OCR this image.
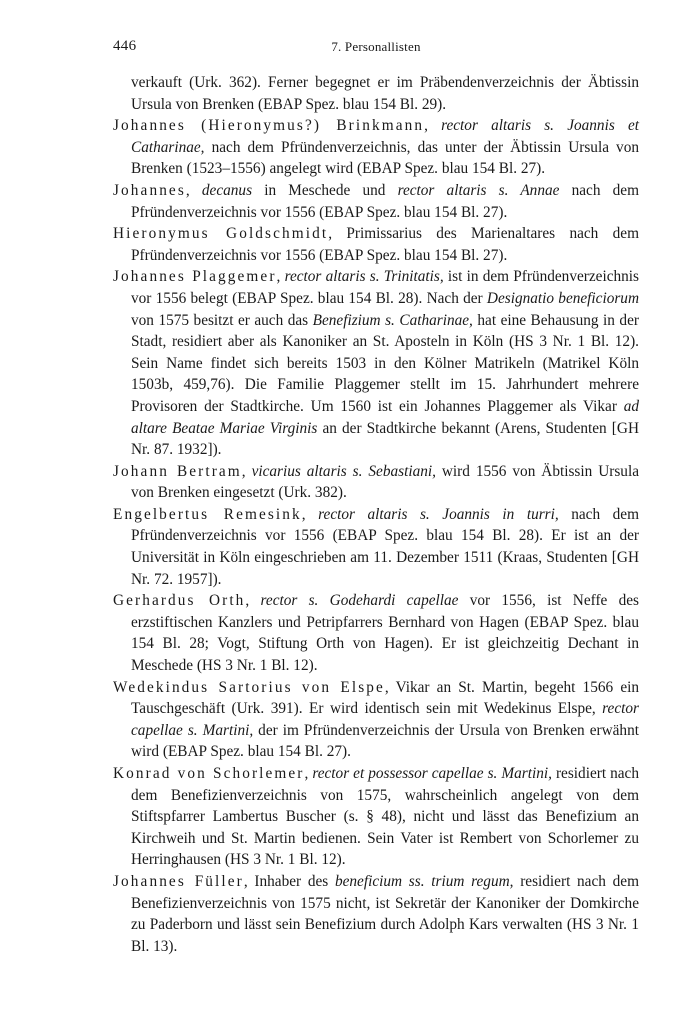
446	7. Personallisten

verkauft (Urk. 362). Ferner begegnet er im Präbendenverzeichnis der Äbtissin Ursula von Brenken (EBAP Spez. blau 154 Bl. 29).

Johannes (Hieronymus?) Brinkmann, rector altaris s. Joannis et Catharinae, nach dem Pfründenverzeichnis, das unter der Äbtissin Ursula von Brenken (1523–1556) angelegt wird (EBAP Spez. blau 154 Bl. 27).

Johannes, decanus in Meschede und rector altaris s. Annae nach dem Pfründenverzeichnis vor 1556 (EBAP Spez. blau 154 Bl. 27).

Hieronymus Goldschmidt, Primissarius des Marienaltares nach dem Pfründenverzeichnis vor 1556 (EBAP Spez. blau 154 Bl. 27).

Johannes Plaggemer, rector altaris s. Trinitatis, ist in dem Pfründenverzeichnis vor 1556 belegt (EBAP Spez. blau 154 Bl. 28). Nach der Designatio beneficiorum von 1575 besitzt er auch das Benefizium s. Catharinae, hat eine Behausung in der Stadt, residiert aber als Kanoniker an St. Aposteln in Köln (HS 3 Nr. 1 Bl. 12). Sein Name findet sich bereits 1503 in den Kölner Matrikeln (Matrikel Köln 1503b, 459,76). Die Familie Plaggemer stellt im 15. Jahrhundert mehrere Provisoren der Stadtkirche. Um 1560 ist ein Johannes Plaggemer als Vikar ad altare Beatae Mariae Virginis an der Stadtkirche bekannt (Arens, Studenten [GH Nr. 87. 1932]).

Johann Bertram, vicarius altaris s. Sebastiani, wird 1556 von Äbtissin Ursula von Brenken eingesetzt (Urk. 382).

Engelbertus Remesink, rector altaris s. Joannis in turri, nach dem Pfründenverzeichnis vor 1556 (EBAP Spez. blau 154 Bl. 28). Er ist an der Universität in Köln eingeschrieben am 11. Dezember 1511 (Kraas, Studenten [GH Nr. 72. 1957]).

Gerhardus Orth, rector s. Godehardi capellae vor 1556, ist Neffe des erzstiftischen Kanzlers und Petripfarrers Bernhard von Hagen (EBAP Spez. blau 154 Bl. 28; Vogt, Stiftung Orth von Hagen). Er ist gleichzeitig Dechant in Meschede (HS 3 Nr. 1 Bl. 12).

Wedekindus Sartorius von Elspe, Vikar an St. Martin, begeht 1566 ein Tauschgeschäft (Urk. 391). Er wird identisch sein mit Wedekinus Elspe, rector capellae s. Martini, der im Pfründenverzeichnis der Ursula von Brenken erwähnt wird (EBAP Spez. blau 154 Bl. 27).

Konrad von Schorlemer, rector et possessor capellae s. Martini, residiert nach dem Benefizienverzeichnis von 1575, wahrscheinlich angelegt von dem Stiftspfarrer Lambertus Buscher (s. § 48), nicht und lässt das Benefizium an Kirchweih und St. Martin bedienen. Sein Vater ist Rembert von Schorlemer zu Herringhausen (HS 3 Nr. 1 Bl. 12).

Johannes Füller, Inhaber des beneficium ss. trium regum, residiert nach dem Benefizienverzeichnis von 1575 nicht, ist Sekretär der Kanoniker der Domkirche zu Paderborn und lässt sein Benefizium durch Adolph Kars verwalten (HS 3 Nr. 1 Bl. 13).
